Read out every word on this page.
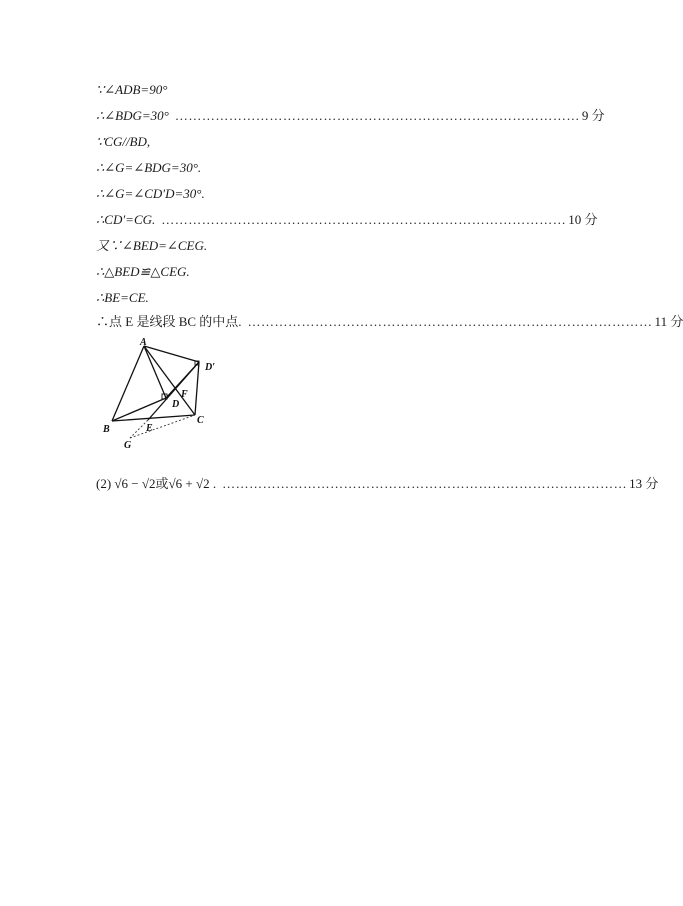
∵∠ADB=90°
∴∠BDG=30° ……………………………………………………………………………… 9 分
∵CG//BD,
∴∠G=∠BDG=30°.
∴∠G=∠CD′D=30°.
∴CD′=CG. ……………………………………………………………………………… 10 分
又∵∠BED=∠CEG.
∴△BED≌△CEG.
∴BE=CE.
∴点 E 是线段 BC 的中点. ……………………………………………………………………………… 11 分
A
B
C
D
D′
E
F
G
(2) √6 − √2或√6 + √2 . ……………………………………………………………………………… 13 分
